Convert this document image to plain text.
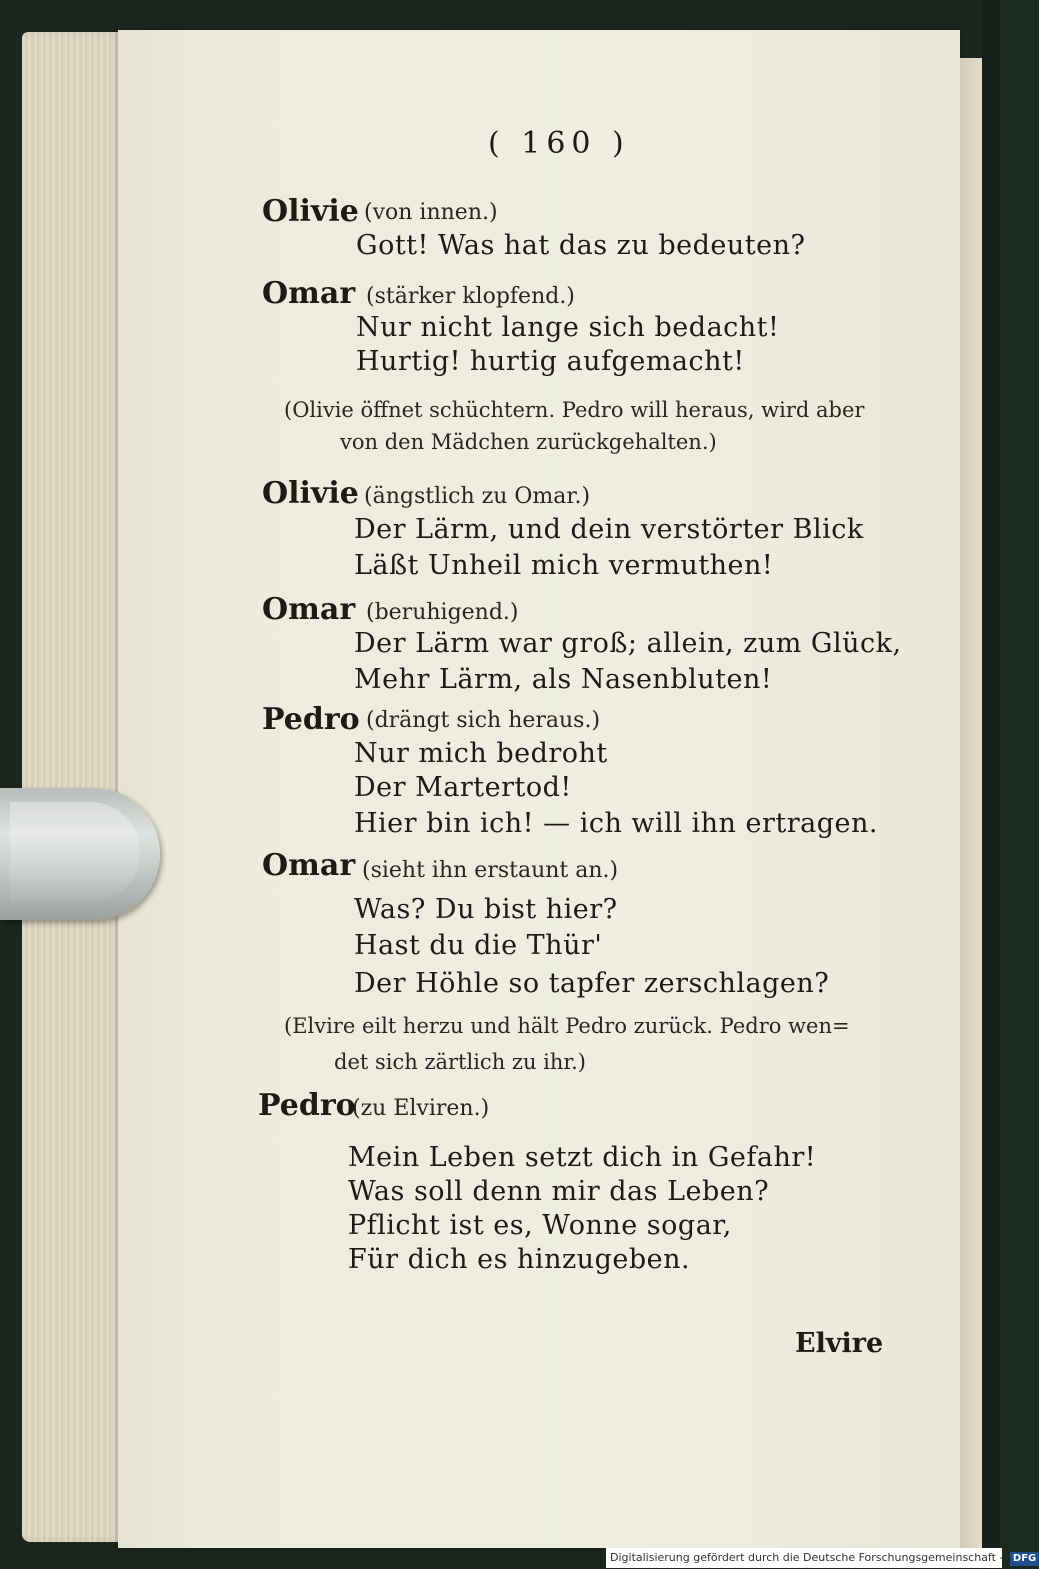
( 160 )
Olivie (von innen.)
Gott! Was hat das zu bedeuten?
Omar (stärker klopfend.)
Nur nicht lange sich bedacht!
Hurtig! hurtig aufgemacht!
(Olivie öffnet schüchtern. Pedro will heraus, wird aber
von den Mädchen zurückgehalten.)
Olivie (ängstlich zu Omar.)
Der Lärm, und dein verstörter Blick
Läßt Unheil mich vermuthen!
Omar (beruhigend.)
Der Lärm war groß; allein, zum Glück,
Mehr Lärm, als Nasenbluten!
Pedro (drängt sich heraus.)
Nur mich bedroht
Der Martertod!
Hier bin ich! — ich will ihn ertragen.
Omar (sieht ihn erstaunt an.)
Was? Du bist hier?
Hast du die Thür'
Der Höhle so tapfer zerschlagen?
(Elvire eilt herzu und hält Pedro zurück. Pedro wen=
det sich zärtlich zu ihr.)
Pedro
(zu Elviren.)
Mein Leben setzt dich in Gefahr!
Was soll denn mir das Leben?
Pflicht ist es, Wonne sogar,
Für dich es hinzugeben.
Elvire
Digitalisierung gefördert durch die Deutsche Forschungsgemeinschaft - DFG
